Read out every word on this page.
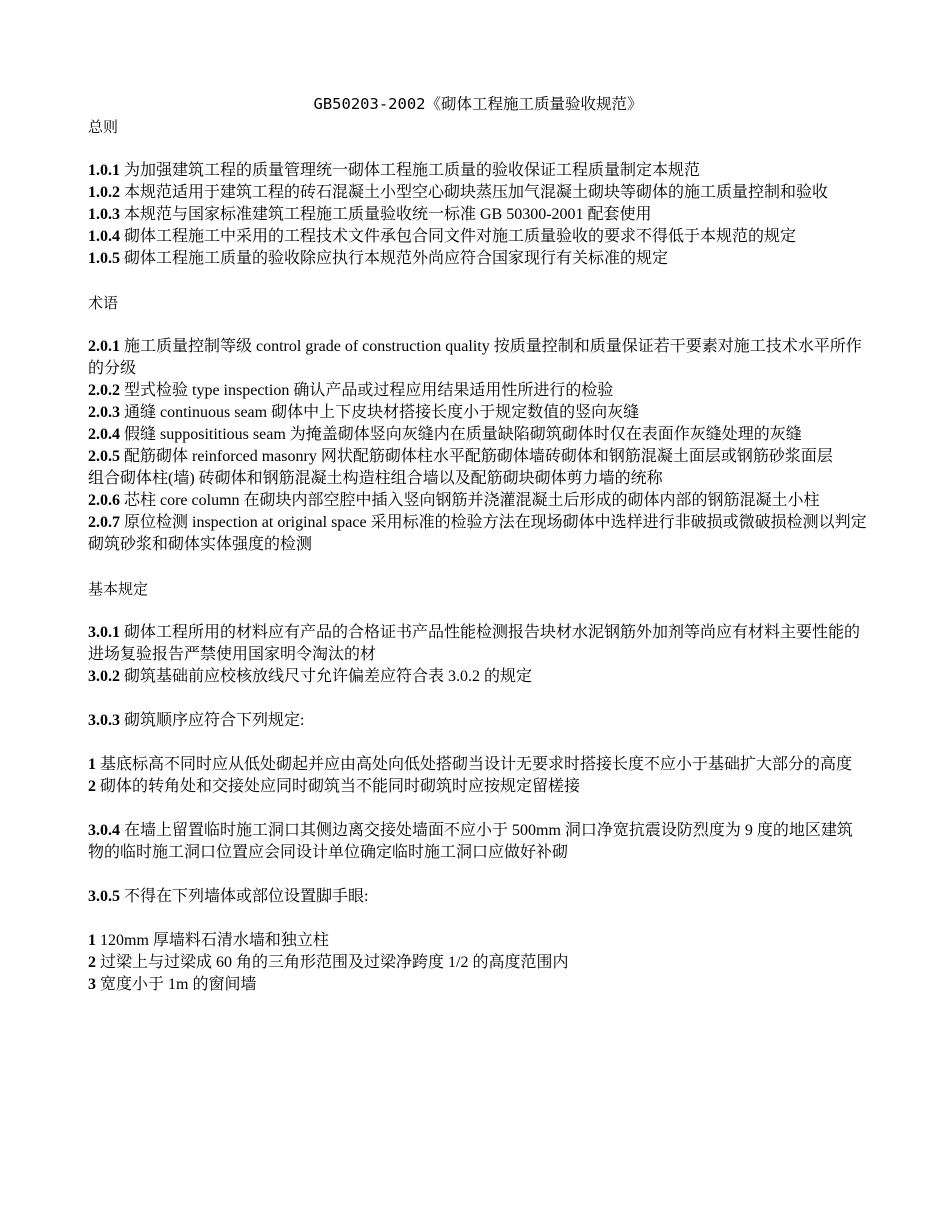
GB50203-2002《砌体工程施工质量验收规范》
总则

1.0.1 为加强建筑工程的质量管理统一砌体工程施工质量的验收保证工程质量制定本规范

1.0.2 本规范适用于建筑工程的砖石混凝土小型空心砌块蒸压加气混凝土砌块等砌体的施工质量控制和验收

1.0.3 本规范与国家标准建筑工程施工质量验收统一标准 GB 50300-2001 配套使用

1.0.4 砌体工程施工中采用的工程技术文件承包合同文件对施工质量验收的要求不得低于本规范的规定

1.0.5 砌体工程施工质量的验收除应执行本规范外尚应符合国家现行有关标准的规定

术语

2.0.1 施工质量控制等级 control grade of construction quality 按质量控制和质量保证若干要素对施工技术水平所作的分级

2.0.2 型式检验 type inspection 确认产品或过程应用结果适用性所进行的检验

2.0.3 通缝 continuous seam 砌体中上下皮块材搭接长度小于规定数值的竖向灰缝

2.0.4 假缝 supposititious seam 为掩盖砌体竖向灰缝内在质量缺陷砌筑砌体时仅在表面作灰缝处理的灰缝

2.0.5 配筋砌体 reinforced masonry 网状配筋砌体柱水平配筋砌体墙砖砌体和钢筋混凝土面层或钢筋砂浆面层

组合砌体柱(墙) 砖砌体和钢筋混凝土构造柱组合墙以及配筋砌块砌体剪力墙的统称

2.0.6 芯柱 core column 在砌块内部空腔中插入竖向钢筋并浇灌混凝土后形成的砌体内部的钢筋混凝土小柱

2.0.7 原位检测 inspection at original space 采用标准的检验方法在现场砌体中选样进行非破损或微破损检测以判定砌筑砂浆和砌体实体强度的检测

基本规定

3.0.1 砌体工程所用的材料应有产品的合格证书产品性能检测报告块材水泥钢筋外加剂等尚应有材料主要性能的进场复验报告严禁使用国家明令淘汰的材

3.0.2 砌筑基础前应校核放线尺寸允许偏差应符合表 3.0.2 的规定

3.0.3 砌筑顺序应符合下列规定:

1 基底标高不同时应从低处砌起并应由高处向低处搭砌当设计无要求时搭接长度不应小于基础扩大部分的高度

2 砌体的转角处和交接处应同时砌筑当不能同时砌筑时应按规定留槎接

3.0.4 在墙上留置临时施工洞口其侧边离交接处墙面不应小于 500mm 洞口净宽抗震设防烈度为 9 度的地区建筑物的临时施工洞口位置应会同设计单位确定临时施工洞口应做好补砌

3.0.5 不得在下列墙体或部位设置脚手眼:

1 120mm 厚墙料石清水墙和独立柱

2 过梁上与过梁成 60 角的三角形范围及过梁净跨度 1/2 的高度范围内

3 宽度小于 1m 的窗间墙
